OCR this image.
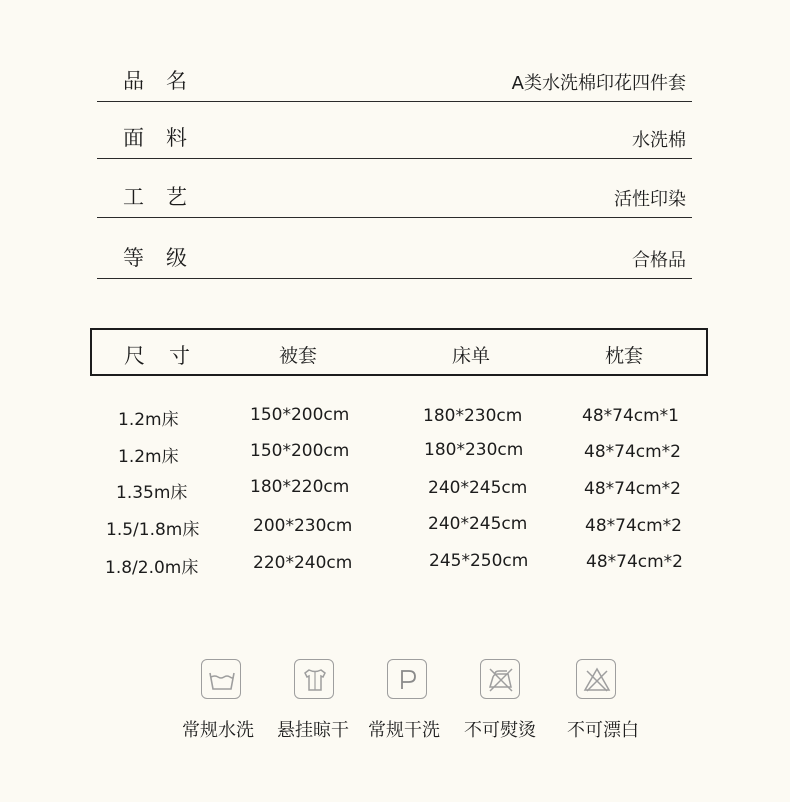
品名	A类水洗棉印花四件套
面料	水洗棉
工艺	活性印染
等级	合格品
尺寸	被套	床单	枕套
1.2m床	150*200cm	180*230cm	48*74cm*1
1.2m床	150*200cm	180*230cm	48*74cm*2
1.35m床	180*220cm	240*245cm	48*74cm*2
1.5/1.8m床	200*230cm	240*245cm	48*74cm*2
1.8/2.0m床	220*240cm	245*250cm	48*74cm*2
常规水洗 悬挂晾干 常规干洗 不可熨烫 不可漂白
